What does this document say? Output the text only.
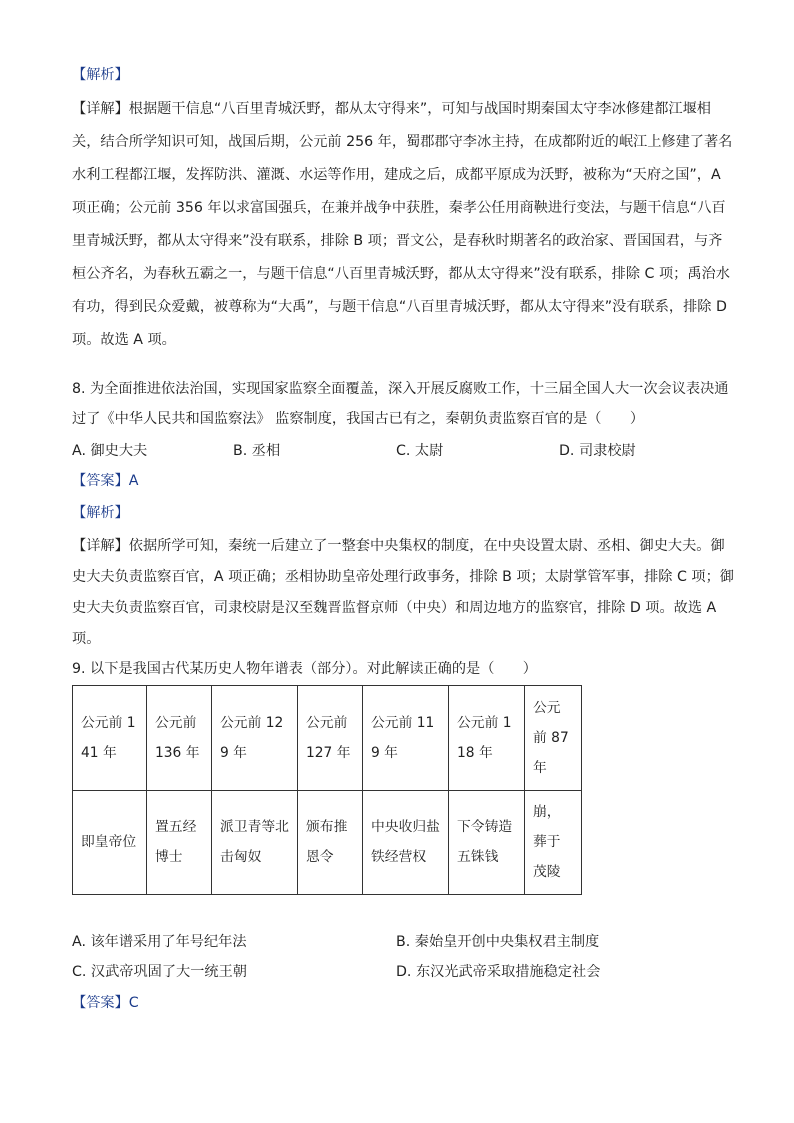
【解析】
【详解】根据题干信息“八百里青城沃野，都从太守得来”，可知与战国时期秦国太守李冰修建都江堰相
关，结合所学知识可知，战国后期，公元前 256 年，蜀郡郡守李冰主持，在成都附近的岷江上修建了著名
水利工程都江堰，发挥防洪、灌溉、水运等作用，建成之后，成都平原成为沃野，被称为“天府之国”，A
项正确；公元前 356 年以求富国强兵，在兼并战争中获胜，秦孝公任用商鞅进行变法，与题干信息“八百
里青城沃野，都从太守得来”没有联系，排除 B 项；晋文公，是春秋时期著名的政治家、晋国国君，与齐
桓公齐名，为春秋五霸之一，与题干信息“八百里青城沃野，都从太守得来”没有联系，排除 C 项；禹治水
有功，得到民众爱戴，被尊称为“大禹”，与题干信息“八百里青城沃野，都从太守得来”没有联系，排除 D
项。故选 A 项。
8. 为全面推进依法治国，实现国家监察全面覆盖，深入开展反腐败工作，十三届全国人大一次会议表决通
过了《中华人民共和国监察法》 监察制度，我国古已有之，秦朝负责监察百官的是（　　）
A. 御史大夫	B. 丞相	C. 太尉	D. 司隶校尉
【答案】A
【解析】
【详解】依据所学可知，秦统一后建立了一整套中央集权的制度，在中央设置太尉、丞相、御史大夫。御
史大夫负责监察百官，A 项正确；丞相协助皇帝处理行政事务，排除 B 项；太尉掌管军事，排除 C 项；御
史大夫负责监察百官，司隶校尉是汉至魏晋监督京师（中央）和周边地方的监察官，排除 D 项。故选 A
项。
9. 以下是我国古代某历史人物年谱表（部分）。对此解读正确的是（　　）
公元前 141 年	公元前 136 年	公元前 129 年	公元前 127 年	公元前 119 年	公元前 118 年	公元前 87 年
即皇帝位	置五经博士	派卫青等北击匈奴	颁布推恩令	中央收归盐铁经营权	下令铸造五铢钱	崩，葬于茂陵
A. 该年谱采用了年号纪年法	B. 秦始皇开创中央集权君主制度
C. 汉武帝巩固了大一统王朝	D. 东汉光武帝采取措施稳定社会
【答案】C
